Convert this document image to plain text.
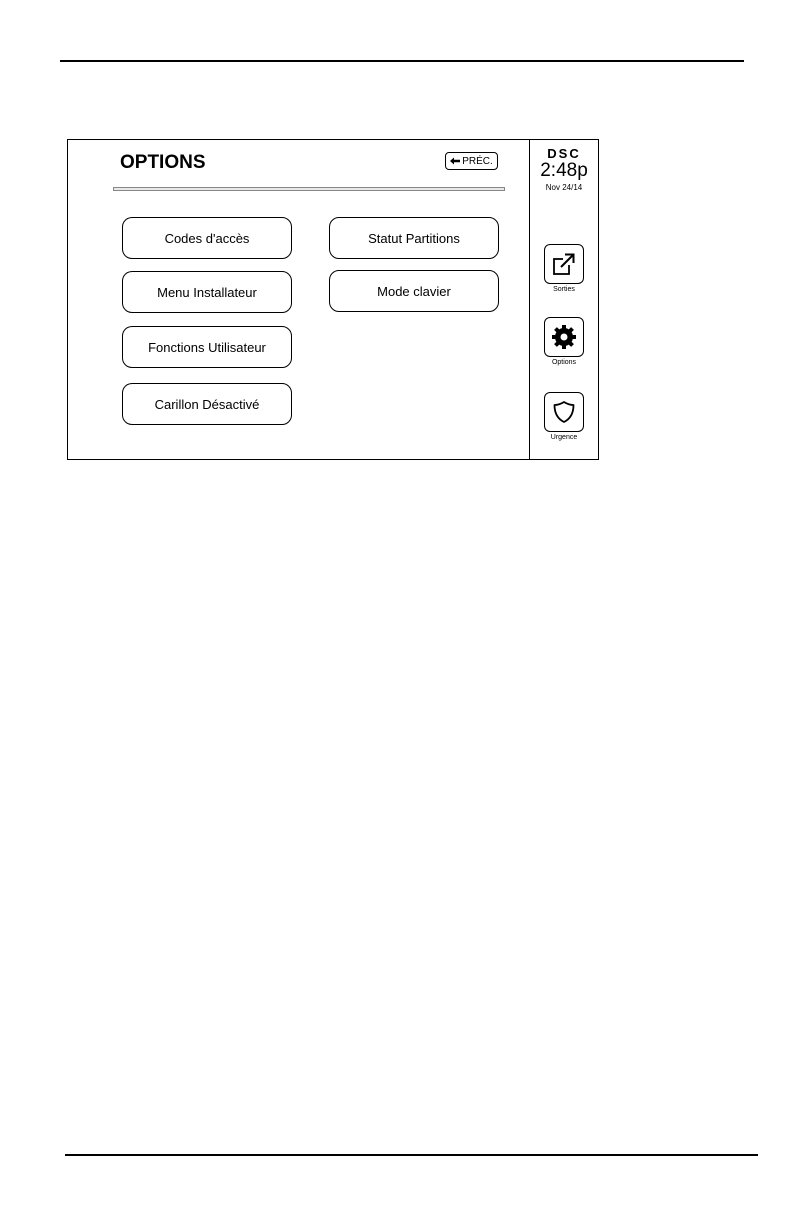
OPTIONS	PRÉC.
Codes d'accès
Menu Installateur
Fonctions Utilisateur
Carillon Désactivé
Statut Partitions
Mode clavier
DSC
2:48p
Nov 24/14
Sorties
Options
Urgence
